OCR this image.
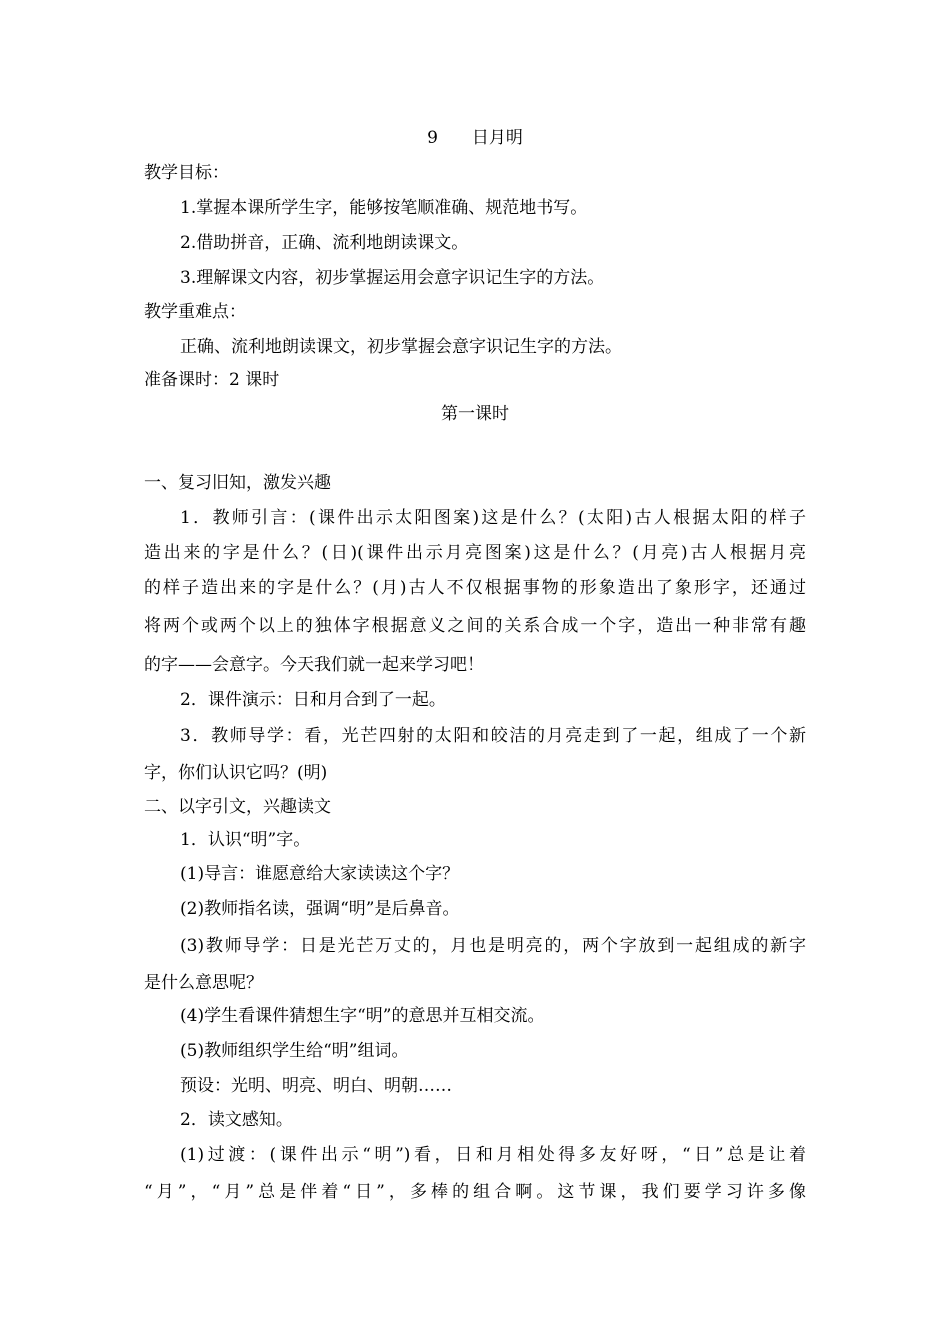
9 日月明
教学目标：
1.掌握本课所学生字，能够按笔顺准确、规范地书写。
2.借助拼音，正确、流利地朗读课文。
3.理解课文内容，初步掌握运用会意字识记生字的方法。
教学重难点：
正确、流利地朗读课文，初步掌握会意字识记生字的方法。
准备课时：2 课时
第一课时
一、复习旧知，激发兴趣
1．教师引言：(课件出示太阳图案)这是什么？(太阳)古人根据太阳的样子
造出来的字是什么？(日)(课件出示月亮图案)这是什么？(月亮)古人根据月亮
的样子造出来的字是什么？(月)古人不仅根据事物的形象造出了象形字，还通过
将两个或两个以上的独体字根据意义之间的关系合成一个字，造出一种非常有趣
的字——会意字。今天我们就一起来学习吧！
2．课件演示：日和月合到了一起。
3．教师导学：看，光芒四射的太阳和皎洁的月亮走到了一起，组成了一个新
字，你们认识它吗？(明)
二、以字引文，兴趣读文
1．认识“明”字。
(1)导言：谁愿意给大家读读这个字？
(2)教师指名读，强调“明”是后鼻音。
(3)教师导学：日是光芒万丈的，月也是明亮的，两个字放到一起组成的新字
是什么意思呢？
(4)学生看课件猜想生字“明”的意思并互相交流。
(5)教师组织学生给“明”组词。
预设：光明、明亮、明白、明朝……
2．读文感知。
(1)过渡：(课件出示“明”)看，日和月相处得多友好呀，“日”总是让着
“月”，“月”总是伴着“日”，多棒的组合啊。这节课，我们要学习许多像
